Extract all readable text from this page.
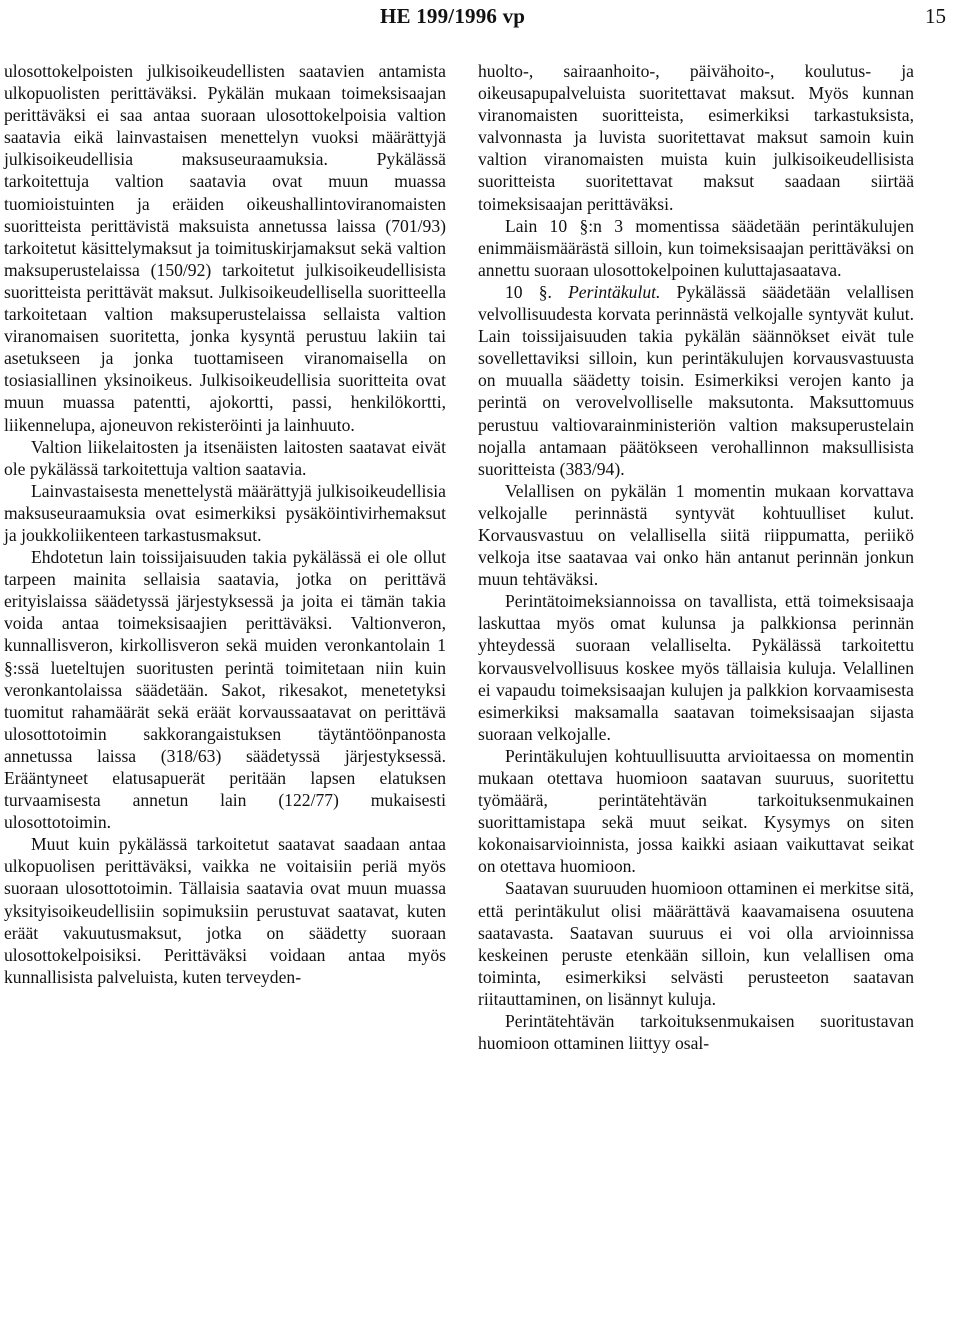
HE 199/1996 vp	15

ulosottokelpoisten julkisoikeudellisten saatavien antamista ulkopuolisten perittäväksi. Pykälän mukaan toimeksisaajan perittäväksi ei saa antaa suoraan ulosottokelpoisia valtion saatavia eikä lainvastaisen menettelyn vuoksi määrättyjä julkisoikeudellisia maksuseuraamuksia. Pykälässä tarkoitettuja valtion saatavia ovat muun muassa tuomioistuinten ja eräiden oikeushallintoviranomaisten suoritteista perittävistä maksuista annetussa laissa (701/93) tarkoitetut käsittelymaksut ja toimituskirjamaksut sekä valtion maksuperustelaissa (150/92) tarkoitetut julkisoikeudellisista suoritteista perittävät maksut. Julkisoikeudellisella suoritteella tarkoitetaan valtion maksuperustelaissa sellaista valtion viranomaisen suoritetta, jonka kysyntä perustuu lakiin tai asetukseen ja jonka tuottamiseen viranomaisella on tosiasiallinen yksinoikeus. Julkisoikeudellisia suoritteita ovat muun muassa patentti, ajokortti, passi, henkilökortti, liikennelupa, ajoneuvon rekisteröinti ja lainhuuto.

Valtion liikelaitosten ja itsenäisten laitosten saatavat eivät ole pykälässä tarkoitettuja valtion saatavia.

Lainvastaisesta menettelystä määrättyjä julkisoikeudellisia maksuseuraamuksia ovat esimerkiksi pysäköintivirhemaksut ja joukkoliikenteen tarkastusmaksut.

Ehdotetun lain toissijaisuuden takia pykälässä ei ole ollut tarpeen mainita sellaisia saatavia, jotka on perittävä erityislaissa säädetyssä järjestyksessä ja joita ei tämän takia voida antaa toimeksisaajien perittäväksi. Valtionveron, kunnallisveron, kirkollisveron sekä muiden veronkantolain 1 §:ssä lueteltujen suoritusten perintä toimitetaan niin kuin veronkantolaissa säädetään. Sakot, rikesakot, menetetyksi tuomitut rahamäärät sekä eräät korvaussaatavat on perittävä ulosottotoimin sakkorangaistuksen täytäntöönpanosta annetussa laissa (318/63) säädetyssä järjestyksessä. Erääntyneet elatusapuerät peritään lapsen elatuksen turvaamisesta annetun lain (122/77) mukaisesti ulosottotoimin.

Muut kuin pykälässä tarkoitetut saatavat saadaan antaa ulkopuolisen perittäväksi, vaikka ne voitaisiin periä myös suoraan ulosottotoimin. Tällaisia saatavia ovat muun muassa yksityisoikeudellisiin sopimuksiin perustuvat saatavat, kuten eräät vakuutusmaksut, jotka on säädetty suoraan ulosottokelpoisiksi. Perittäväksi voidaan antaa myös kunnallisista palveluista, kuten terveyden-

huolto-, sairaanhoito-, päivähoito-, koulutus- ja oikeusapupalveluista suoritettavat maksut. Myös kunnan viranomaisten suoritteista, esimerkiksi tarkastuksista, valvonnasta ja luvista suoritettavat maksut samoin kuin valtion viranomaisten muista kuin julkisoikeudellisista suoritteista suoritettavat maksut saadaan siirtää toimeksisaajan perittäväksi.

Lain 10 §:n 3 momentissa säädetään perintäkulujen enimmäismäärästä silloin, kun toimeksisaajan perittäväksi on annettu suoraan ulosottokelpoinen kuluttajasaatava.

10 §. Perintäkulut. Pykälässä säädetään velallisen velvollisuudesta korvata perinnästä velkojalle syntyvät kulut. Lain toissijaisuuden takia pykälän säännökset eivät tule sovellettaviksi silloin, kun perintäkulujen korvausvastuusta on muualla säädetty toisin. Esimerkiksi verojen kanto ja perintä on verovelvolliselle maksutonta. Maksuttomuus perustuu valtiovarainministeriön valtion maksuperustelain nojalla antamaan päätökseen verohallinnon maksullisista suoritteista (383/94).

Velallisen on pykälän 1 momentin mukaan korvattava velkojalle perinnästä syntyvät kohtuulliset kulut. Korvausvastuu on velallisella siitä riippumatta, periikö velkoja itse saatavaa vai onko hän antanut perinnän jonkun muun tehtäväksi.

Perintätoimeksiannoissa on tavallista, että toimeksisaaja laskuttaa myös omat kulunsa ja palkkionsa perinnän yhteydessä suoraan velalliselta. Pykälässä tarkoitettu korvausvelvollisuus koskee myös tällaisia kuluja. Velallinen ei vapaudu toimeksisaajan kulujen ja palkkion korvaamisesta esimerkiksi maksamalla saatavan toimeksisaajan sijasta suoraan velkojalle.

Perintäkulujen kohtuullisuutta arvioitaessa on momentin mukaan otettava huomioon saatavan suuruus, suoritettu työmäärä, perintätehtävän tarkoituksenmukainen suorittamistapa sekä muut seikat. Kysymys on siten kokonaisarvioinnista, jossa kaikki asiaan vaikuttavat seikat on otettava huomioon.

Saatavan suuruuden huomioon ottaminen ei merkitse sitä, että perintäkulut olisi määrättävä kaavamaisena osuutena saatavasta. Saatavan suuruus ei voi olla arvioinnissa keskeinen peruste etenkään silloin, kun velallisen oma toiminta, esimerkiksi selvästi perusteeton saatavan riitauttaminen, on lisännyt kuluja.

Perintätehtävän tarkoituksenmukaisen suoritustavan huomioon ottaminen liittyy osal-
